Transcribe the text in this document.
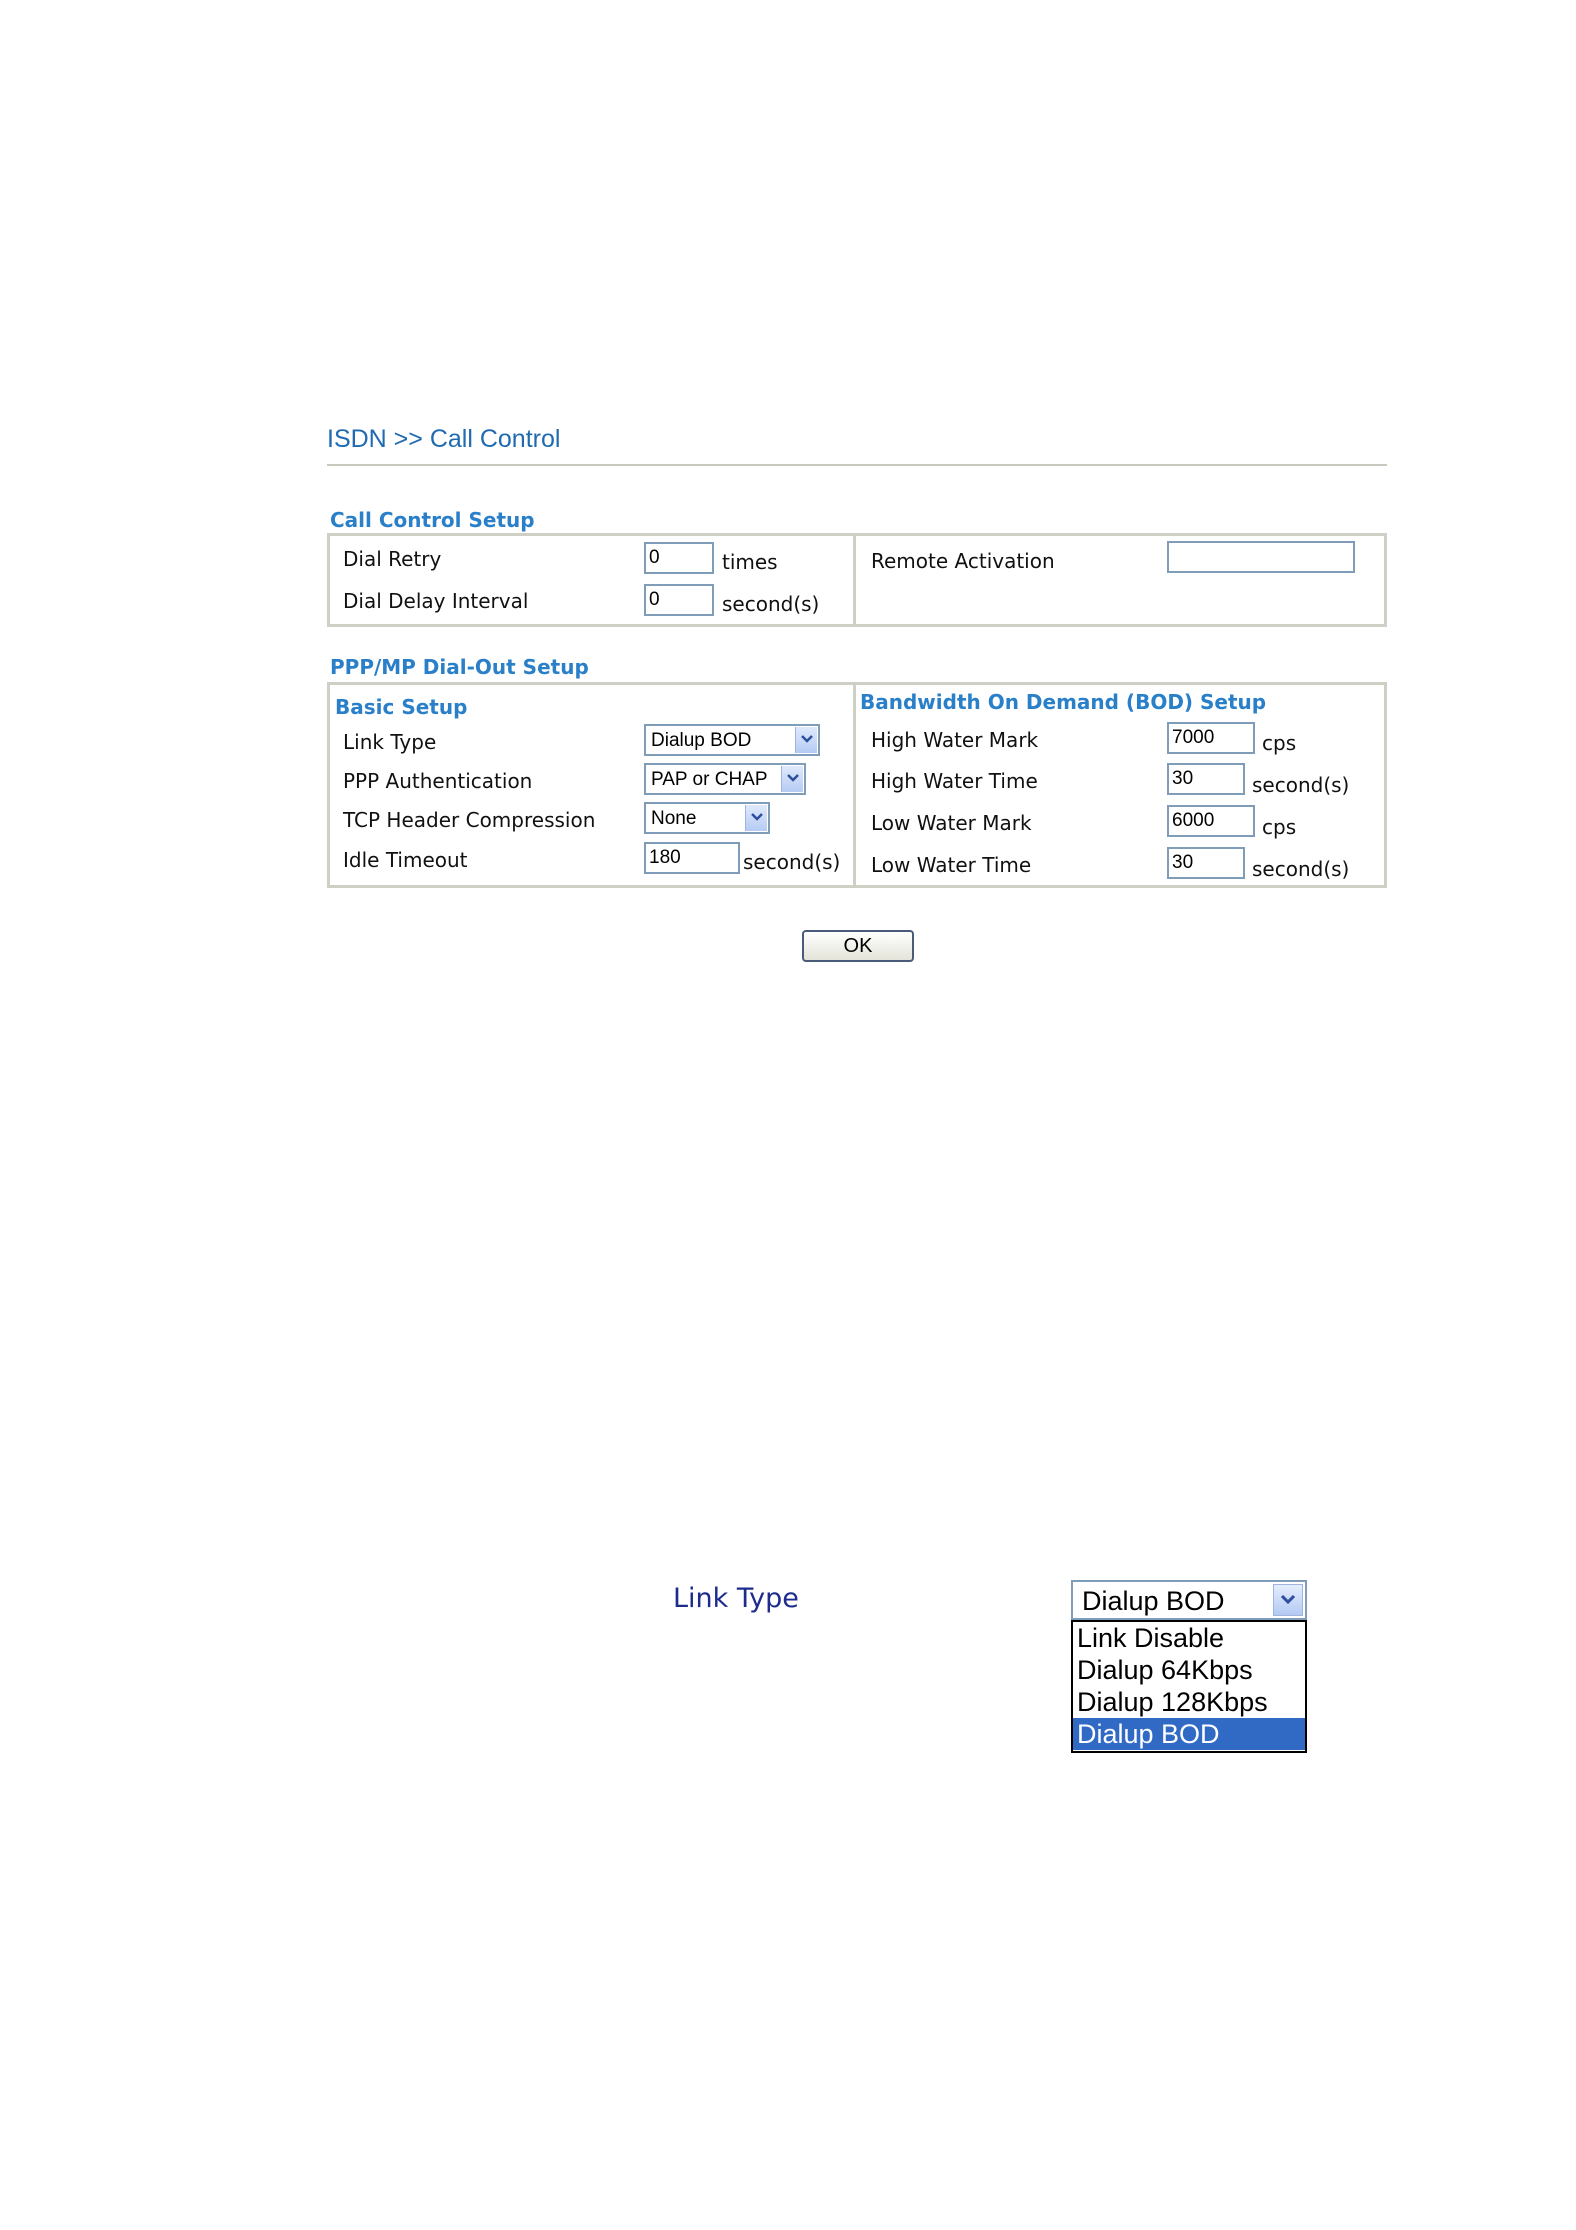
ISDN >> Call Control
Call Control Setup
Dial Retry	0	times
Dial Delay Interval	0	second(s)
Remote Activation
PPP/MP Dial-Out Setup
Basic Setup	Bandwidth On Demand (BOD) Setup
Link Type	Dialup BOD
PPP Authentication	PAP or CHAP
TCP Header Compression	None
Idle Timeout	180	second(s)
High Water Mark	7000	cps
High Water Time	30	second(s)
Low Water Mark	6000	cps
Low Water Time	30	second(s)
OK
Link Type	Dialup BOD
Link Disable
Dialup 64Kbps
Dialup 128Kbps
Dialup BOD
